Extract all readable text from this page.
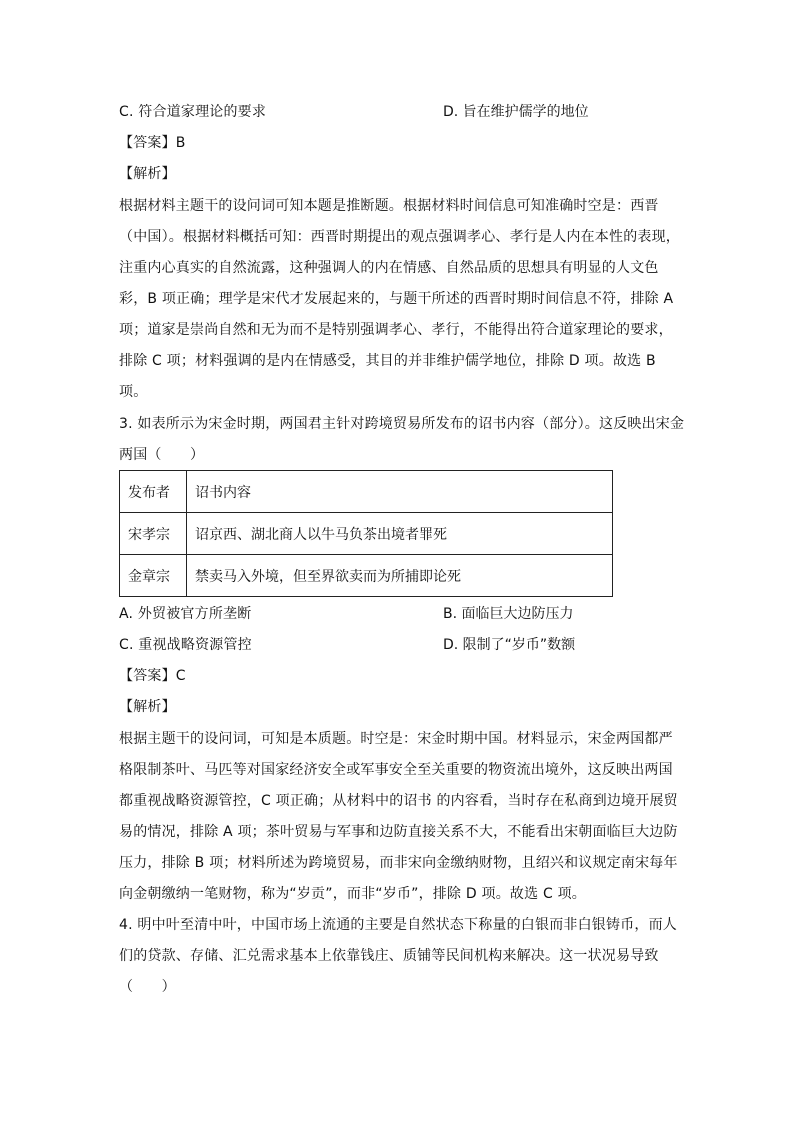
C. 符合道家理论的要求	D. 旨在维护儒学的地位
【答案】B
【解析】
根据材料主题干的设问词可知本题是推断题。根据材料时间信息可知准确时空是：西晋
（中国）。根据材料概括可知：西晋时期提出的观点强调孝心、孝行是人内在本性的表现，
注重内心真实的自然流露，这种强调人的内在情感、自然品质的思想具有明显的人文色
彩，B 项正确；理学是宋代才发展起来的，与题干所述的西晋时期时间信息不符，排除 A
项；道家是崇尚自然和无为而不是特别强调孝心、孝行，不能得出符合道家理论的要求，
排除 C 项；材料强调的是内在情感受，其目的并非维护儒学地位，排除 D 项。故选 B
项。
3. 如表所示为宋金时期，两国君主针对跨境贸易所发布的诏书内容（部分）。这反映出宋金
两国（　　）
发布者	诏书内容
宋孝宗	诏京西、湖北商人以牛马负茶出境者罪死
金章宗	禁卖马入外境，但至界欲卖而为所捕即论死
A. 外贸被官方所垄断	B. 面临巨大边防压力
C. 重视战略资源管控	D. 限制了“岁币”数额
【答案】C
【解析】
根据主题干的设问词，可知是本质题。时空是：宋金时期中国。材料显示，宋金两国都严
格限制茶叶、马匹等对国家经济安全或军事安全至关重要的物资流出境外，这反映出两国
都重视战略资源管控，C 项正确；从材料中的诏书 的内容看，当时存在私商到边境开展贸
易的情况，排除 A 项；茶叶贸易与军事和边防直接关系不大，不能看出宋朝面临巨大边防
压力，排除 B 项；材料所述为跨境贸易，而非宋向金缴纳财物，且绍兴和议规定南宋每年
向金朝缴纳一笔财物，称为“岁贡”，而非“岁币”，排除 D 项。故选 C 项。
4. 明中叶至清中叶，中国市场上流通的主要是自然状态下称量的白银而非白银铸币，而人
们的贷款、存储、汇兑需求基本上依靠钱庄、质铺等民间机构来解决。这一状况易导致
（　　）
